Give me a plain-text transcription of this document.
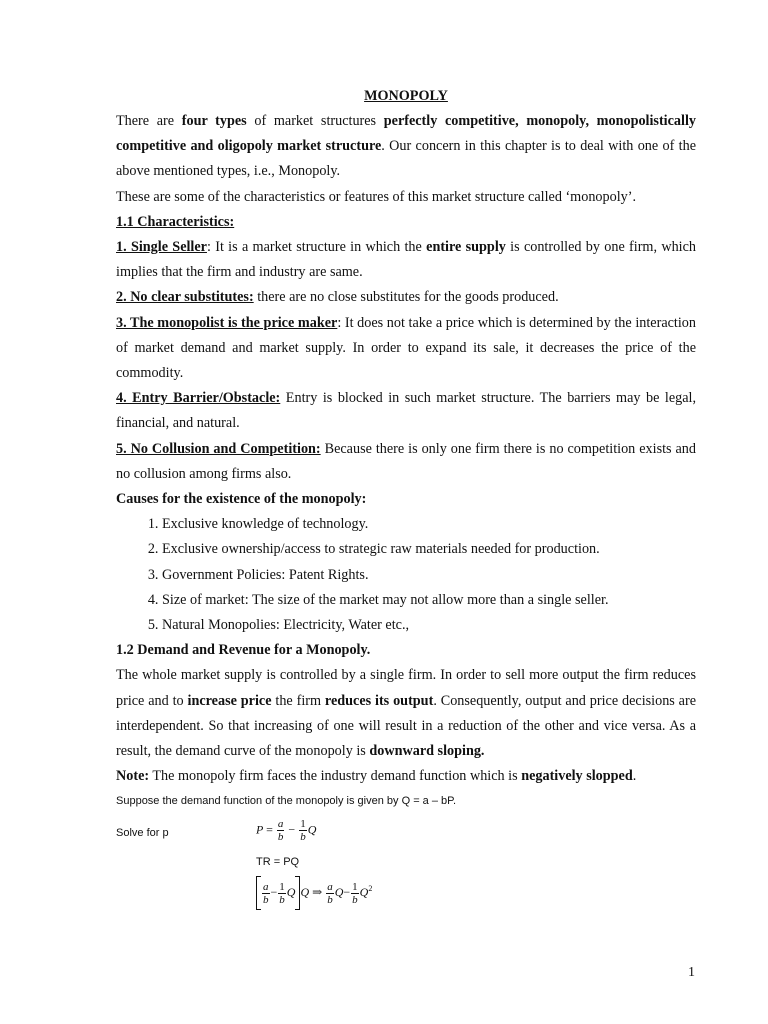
MONOPOLY

There are four types of market structures perfectly competitive, monopoly, monopolistically competitive and oligopoly market structure. Our concern in this chapter is to deal with one of the above mentioned types, i.e., Monopoly.

These are some of the characteristics or features of this market structure called ‘monopoly’.

1.1 Characteristics:

1. Single Seller: It is a market structure in which the entire supply is controlled by one firm, which implies that the firm and industry are same.

2. No clear substitutes: there are no close substitutes for the goods produced.

3. The monopolist is the price maker: It does not take a price which is determined by the interaction of market demand and market supply. In order to expand its sale, it decreases the price of the commodity.

4. Entry Barrier/Obstacle: Entry is blocked in such market structure. The barriers may be legal, financial, and natural.

5. No Collusion and Competition: Because there is only one firm there is no competition exists and no collusion among firms also.

Causes for the existence of the monopoly:

1. Exclusive knowledge of technology.
2. Exclusive ownership/access to strategic raw materials needed for production.
3. Government Policies: Patent Rights.
4. Size of market: The size of the market may not allow more than a single seller.
5. Natural Monopolies: Electricity, Water etc.,

1.2 Demand and Revenue for a Monopoly.

The whole market supply is controlled by a single firm. In order to sell more output the firm reduces price and to increase price the firm reduces its output. Consequently, output and price decisions are interdependent. So that increasing of one will result in a reduction of the other and vice versa. As a result, the demand curve of the monopoly is downward sloping.

Note: The monopoly firm faces the industry demand function which is negatively slopped.

Suppose the demand function of the monopoly is given by Q = a – bP.
Solve for p	$P = \frac{a}{b} - \frac{1}{b}$ Q
TR = PQ
$\frac{a}{b} - \frac{1}{b}$ Q Q ⇒ $\frac{a}{b} Q- \frac{1}{b} Q^2$
1
